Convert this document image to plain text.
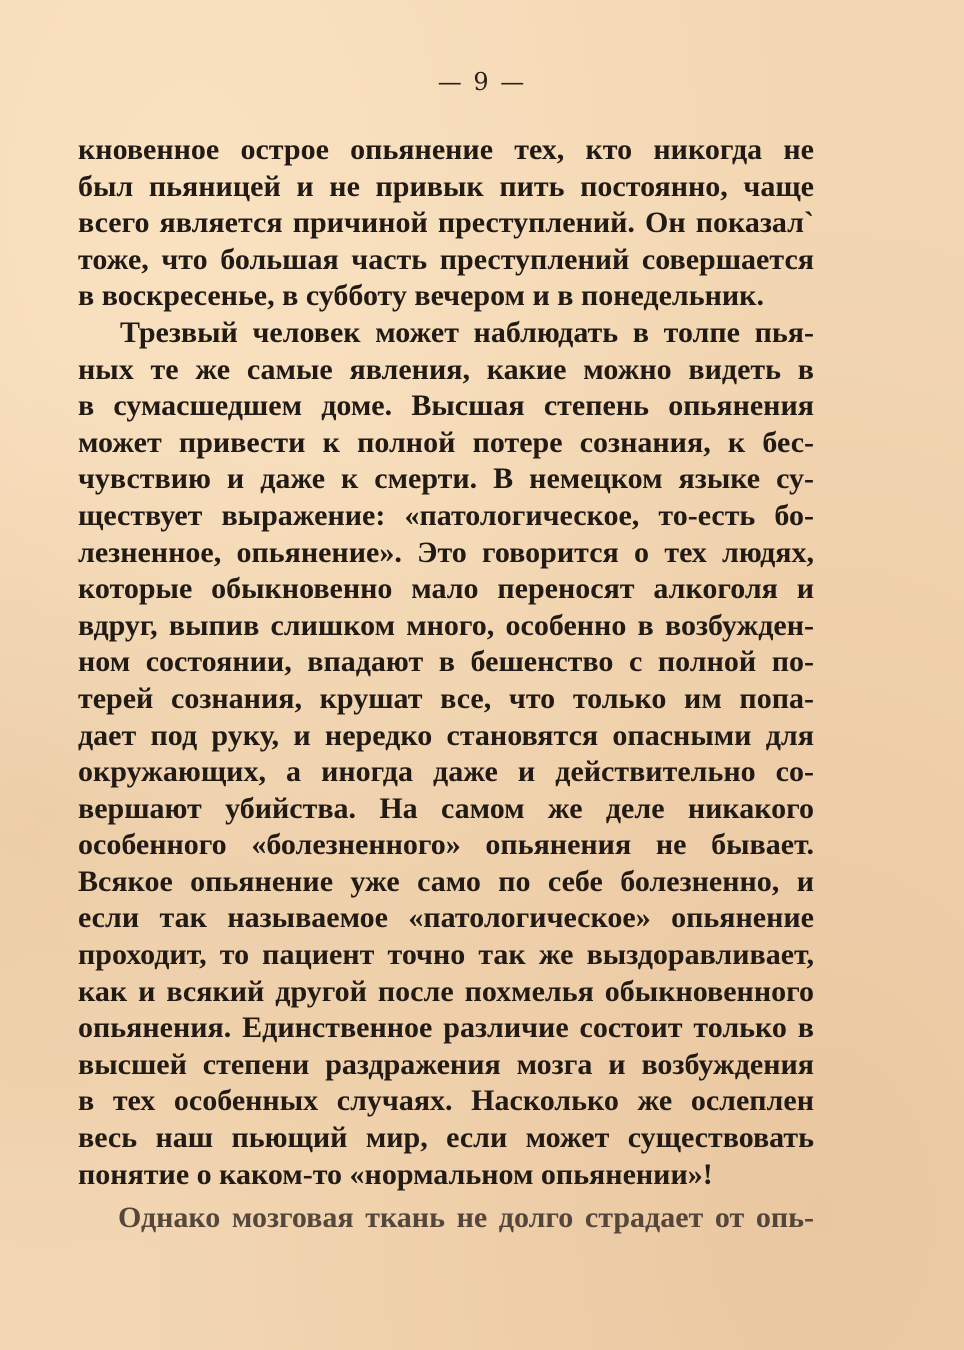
— 9 —
кновенное острое опьянение тех, кто никогда не
был пьяницей и не привык пить постоянно, чаще
всего является причиной преступлений. Он показал`
тоже, что большая часть преступлений совершается
в воскресенье, в субботу вечером и в понедельник.
Трезвый человек может наблюдать в толпе пья-
ных те же самые явления, какие можно видеть в
в сумасшедшем доме. Высшая степень опьянения
может привести к полной потере сознания, к бес-
чувствию и даже к смерти. В немецком языке су-
ществует выражение: «патологическое, то-есть бо-
лезненное, опьянение». Это говорится о тех людях,
которые обыкновенно мало переносят алкоголя и
вдруг, выпив слишком много, особенно в возбужден-
ном состоянии, впадают в бешенство с полной по-
терей сознания, крушат все, что только им попа-
дает под руку, и нередко становятся опасными для
окружающих, а иногда даже и действительно со-
вершают убийства. На самом же деле никакого
особенного «болезненного» опьянения не бывает.
Всякое опьянение уже само по себе болезненно, и
если так называемое «патологическое» опьянение
проходит, то пациент точно так же выздоравливает,
как и всякий другой после похмелья обыкновенного
опьянения. Единственное различие состоит только в
высшей степени раздражения мозга и возбуждения
в тех особенных случаях. Насколько же ослеплен
весь наш пьющий мир, если может существовать
понятие о каком-то «нормальном опьянении»!
Однако мозговая ткань не долго страдает от опь-
